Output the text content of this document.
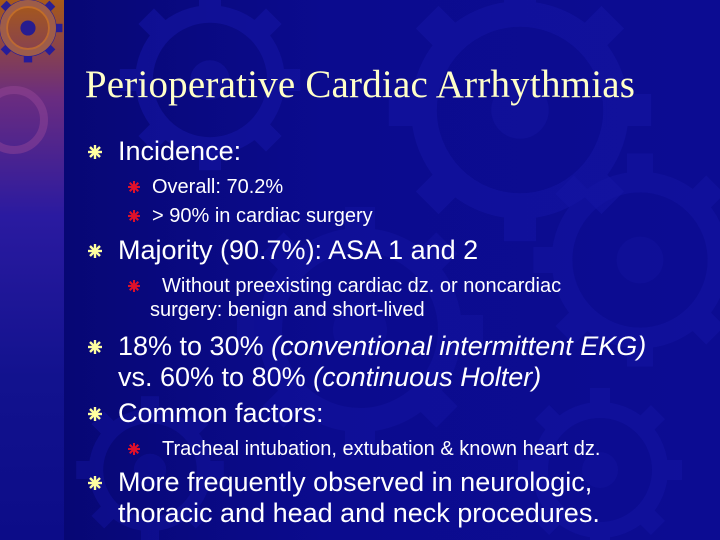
Perioperative Cardiac Arrhythmias
Incidence:
Overall: 70.2%
> 90% in cardiac surgery
Majority (90.7%): ASA 1 and 2
Without preexisting cardiac dz. or noncardiac
surgery: benign and short-lived
18% to 30% (conventional intermittent EKG)
vs. 60% to 80% (continuous Holter)
Common factors:
Tracheal intubation, extubation & known heart dz.
More frequently observed in neurologic,
thoracic and head and neck procedures.
